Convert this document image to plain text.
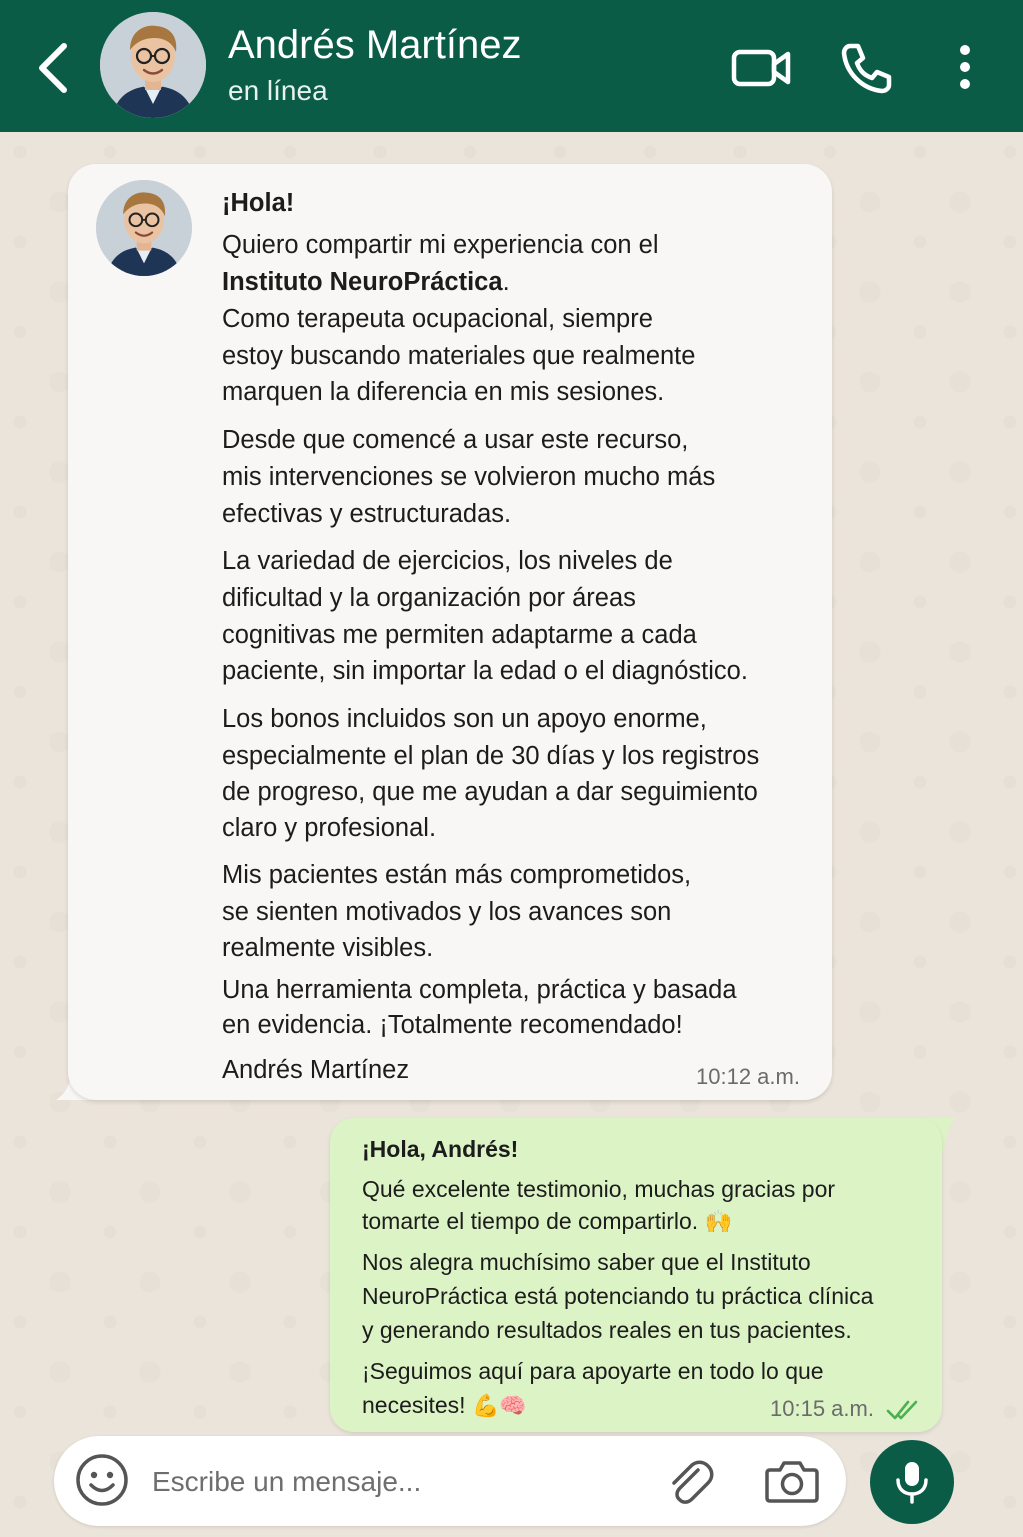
Andrés Martínez
en línea
¡Hola!
Quiero compartir mi experiencia con el
Instituto NeuroPráctica.
Como terapeuta ocupacional, siempre
estoy buscando materiales que realmente
marquen la diferencia en mis sesiones.
Desde que comencé a usar este recurso,
mis intervenciones se volvieron mucho más
efectivas y estructuradas.
La variedad de ejercicios, los niveles de
dificultad y la organización por áreas
cognitivas me permiten adaptarme a cada
paciente, sin importar la edad o el diagnóstico.
Los bonos incluidos son un apoyo enorme,
especialmente el plan de 30 días y los registros
de progreso, que me ayudan a dar seguimiento
claro y profesional.
Mis pacientes están más comprometidos,
se sienten motivados y los avances son
realmente visibles.
Una herramienta completa, práctica y basada
en evidencia. ¡Totalmente recomendado!
Andrés Martínez	10:12 a.m.
¡Hola, Andrés!
Qué excelente testimonio, muchas gracias por
tomarte el tiempo de compartirlo. 🙌
Nos alegra muchísimo saber que el Instituto
NeuroPráctica está potenciando tu práctica clínica
y generando resultados reales en tus pacientes.
¡Seguimos aquí para apoyarte en todo lo que
necesites! 💪🧠	10:15 a.m.
Escribe un mensaje...
